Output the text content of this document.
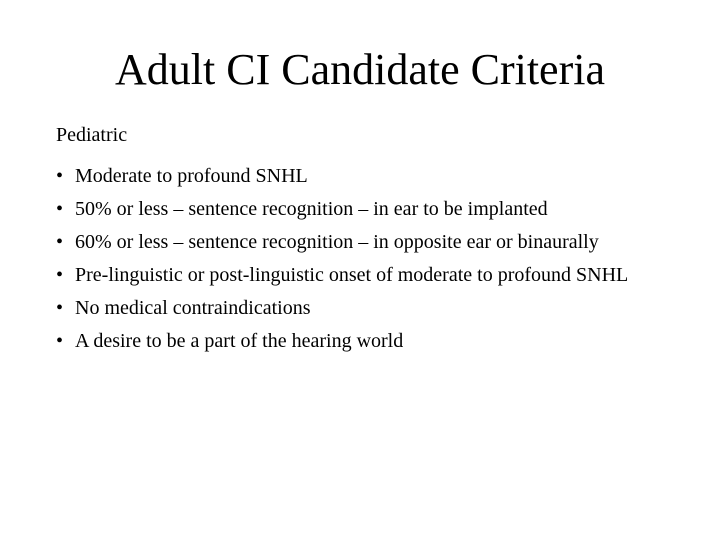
Adult CI Candidate Criteria

Pediatric

• Moderate to profound SNHL
• 50% or less – sentence recognition – in ear to be implanted
• 60% or less – sentence recognition – in opposite ear or binaurally
• Pre-linguistic or post-linguistic onset of moderate to profound SNHL
• No medical contraindications
• A desire to be a part of the hearing world
